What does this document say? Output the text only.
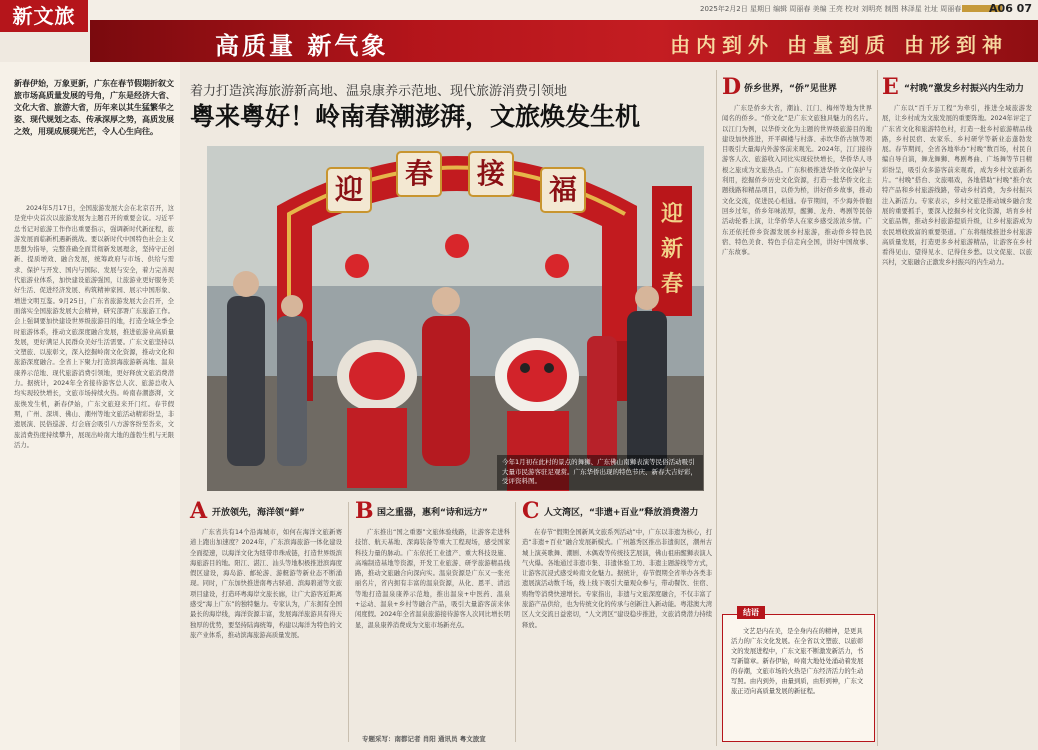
新文旅	2025年2月2日 星期日 编辑 周丽春 美编 王亮 校对 刘明亮 制图 林泽星 社址 周丽春	A06 07
高质量 新气象	由内到外 由量到质 由形到神
新春伊始，万象更新，广东在春节假期折叙文旅市场高质量发展的号角，广东是经济大省、文化大省、旅游大省，历年来以其生猛繁华之姿、现代规划之态、传承深厚之势，高质发展之效，用现成展现光芒，令人心生向往。
2024年5月17日，全国旅游发展大会在北京召开，这是党中央首次以旅游发展为主题召开的重要会议。习近平总书记对旅游工作作出重要指示，强调新时代新征程，旅游发展面临新机遇新挑战。要以新时代中国特色社会主义思想为指导，完整准确全面贯彻新发展理念，坚持守正创新、提质增效、融合发展，统筹政府与市场、供给与需求、保护与开发、国内与国际、发展与安全，着力完善现代旅游业体系，加快建设旅游强国，让旅游业更好服务美好生活、促进经济发展、构筑精神家园、展示中国形象、增进文明互鉴。9月25日，广东省旅游发展大会召开，全面落实全国旅游发展大会精神，研究部署广东旅游工作。会上强调要加快建设世界级旅游目的地，打造全域全季全时旅游体系，推动文旅深度融合发展，推进旅游业高质量发展，更好满足人民群众美好生活需要。广东文旅坚持以文塑旅、以旅彰文，深入挖掘岭南文化资源，推动文化和旅游深度融合。全省上下聚力打造滨海旅游新高地、温泉康养示范地、现代旅游消费引领地，更好释放文旅消费潜力。据统计，2024年全省接待游客总人次、旅游总收入均实现较快增长，文旅市场持续火热。岭南春潮澎湃，文旅焕发生机，新春伊始，广东文旅迎来开门红。春节假期，广州、深圳、佛山、潮州等地文旅活动精彩纷呈，非遗展演、民俗巡游、灯会庙会吸引八方游客纷至沓来，文旅消费热度持续攀升，展现出岭南大地的蓬勃生机与无限活力。
着力打造滨海旅游新高地、温泉康养示范地、现代旅游消费引领地
粤来粤好！岭南春潮澎湃，文旅焕发生机
迎 春 接 福
迎
新
春
今年1月初在此村的景点的舞狮、广东佛山南狮表演等民俗活动吸引大量市民游客驻足观赏。广东华侨出现的特色节庆、新春大吉好彩，受评资料图。
A 开放领先，海洋领“鲜”
广东省共有14个沿海城市，如何在海洋文旅新赛道上跑出加速度？2024年，广东滨海旅游一体化建设全面提速，以海洋文化为纽带串珠成链，打造世界级滨海旅游目的地。阳江、湛江、汕头等地积极推进滨海度假区建设，海岛游、邮轮游、游艇游等新业态不断涌现。同时，广东加快推进南粤古驿道、滨海碧道等文旅项目建设，打造环粤海岸文旅长廊，让广大游客近距离感受“海上广东”的独特魅力。专家认为，广东拥有全国最长的海岸线，海洋资源丰富，发展海洋旅游具有得天独厚的优势，要坚持陆海统筹，构建以海洋为特色的文旅产业体系，推动滨海旅游高质量发展。
B 国之重器，惠利“诗和远方”
广东推出“国之重器”文旅体验线路，让游客走进科技馆、航天基地、深海装备等重大工程现场，感受国家科技力量的脉动。广东依托工业遗产、重大科技设施、高端制造基地等资源，开发工业旅游、研学旅游精品线路，推动文旅融合向深向实。温泉资源是广东又一张亮丽名片，省内拥有丰富的温泉资源，从化、恩平、清远等地打造温泉康养示范地，推出温泉+中医药、温泉+运动、温泉+乡村等融合产品，吸引大量游客前来休闲度假。2024年全省温泉旅游接待游客人次同比增长明显，温泉康养消费成为文旅市场新亮点。
专题采写：南都记者 肖阳 通讯员 粤文旅宣
C 人文湾区，“非遗+百业”释放消费潜力
在春节“假期全国新风文旅系列活动”中，广东以非遗为核心，打造“非遗+百业”融合发展新模式。广州越秀区推出非遗街区，潮州古城上演英歌舞、潮剧、木偶戏等传统技艺展演，佛山祖庙醒狮表演人气火爆。各地通过非遗市集、非遗体验工坊、非遗主题游线等方式，让游客沉浸式感受岭南文化魅力。据统计，春节假期全省举办各类非遗展演活动数千场，线上线下吸引大量观众参与，带动餐饮、住宿、购物等消费快速增长。专家指出，非遗与文旅深度融合，不仅丰富了旅游产品供给，也为传统文化的传承与创新注入新动能。粤港澳大湾区人文交流日益密切，“人文湾区”建设稳步推进，文旅消费潜力持续释放。
D 侨乡世界，“侨”见世界
广东是侨乡大省，潮汕、江门、梅州等地为世界闻名的侨乡。“侨文化”是广东文旅独具魅力的名片。以江门为例，以华侨文化为主题的世界级旅游目的地建设加快推进，开平碉楼与村落、赤坎华侨古镇等项目吸引大量海内外游客前来观光。2024年，江门接待游客人次、旅游收入同比实现较快增长，华侨华人寻根之旅成为文旅热点。广东积极推进华侨文化保护与利用，挖掘侨乡历史文化资源，打造一批华侨文化主题线路和精品项目，以侨为桥，讲好侨乡故事，推动文化交流，促进民心相通。春节期间，不少海外侨胞回乡过年，侨乡年味浓厚，醒狮、龙舟、粤剧等民俗活动轮番上演，让华侨华人在家乡感受浓浓乡情。广东还依托侨乡资源发展乡村旅游，推动侨乡特色民宿、特色美食、特色手信走向全国，讲好中国故事、广东故事。
E “村晚”激发乡村振兴内生动力
广东以“百千万工程”为牵引，推进全域旅游发展，让乡村成为文旅发展的重要阵地。2024年评定了广东省文化和旅游特色村，打造一批乡村旅游精品线路，乡村民宿、农家乐、乡村研学等新业态蓬勃发展。春节期间，全省各地举办“村晚”数百场，村民自编自导自演，舞龙舞狮、粤剧粤曲、广场舞等节目精彩纷呈，吸引众多游客前来观看，成为乡村文旅新名片。“村晚”搭台、文旅唱戏，各地借助“村晚”推介农特产品和乡村旅游线路，带动乡村消费，为乡村振兴注入新活力。专家表示，乡村文旅是推动城乡融合发展的重要抓手，要深入挖掘乡村文化资源，培育乡村文旅品牌，推动乡村旅游提质升级，让乡村旅游成为农民增收致富的重要渠道。广东将继续推进乡村旅游高质量发展，打造更多乡村旅游精品，让游客在乡村看得见山、望得见水、记得住乡愁。以文促旅、以旅兴村，文旅融合正激发乡村振兴的内生动力。
文艺是内在美，是全身内在的精神，是更具活力的广东文化发展。在全省以文塑旅、以旅彰文的发展进程中，广东文旅不断激发新活力，书写新篇章。新春伊始，岭南大地处处涌动着发展的春潮，文旅市场的火热是广东经济活力的生动写照。由内到外，由量到质，由形到神，广东文旅正迈向高质量发展的新征程。
结语
